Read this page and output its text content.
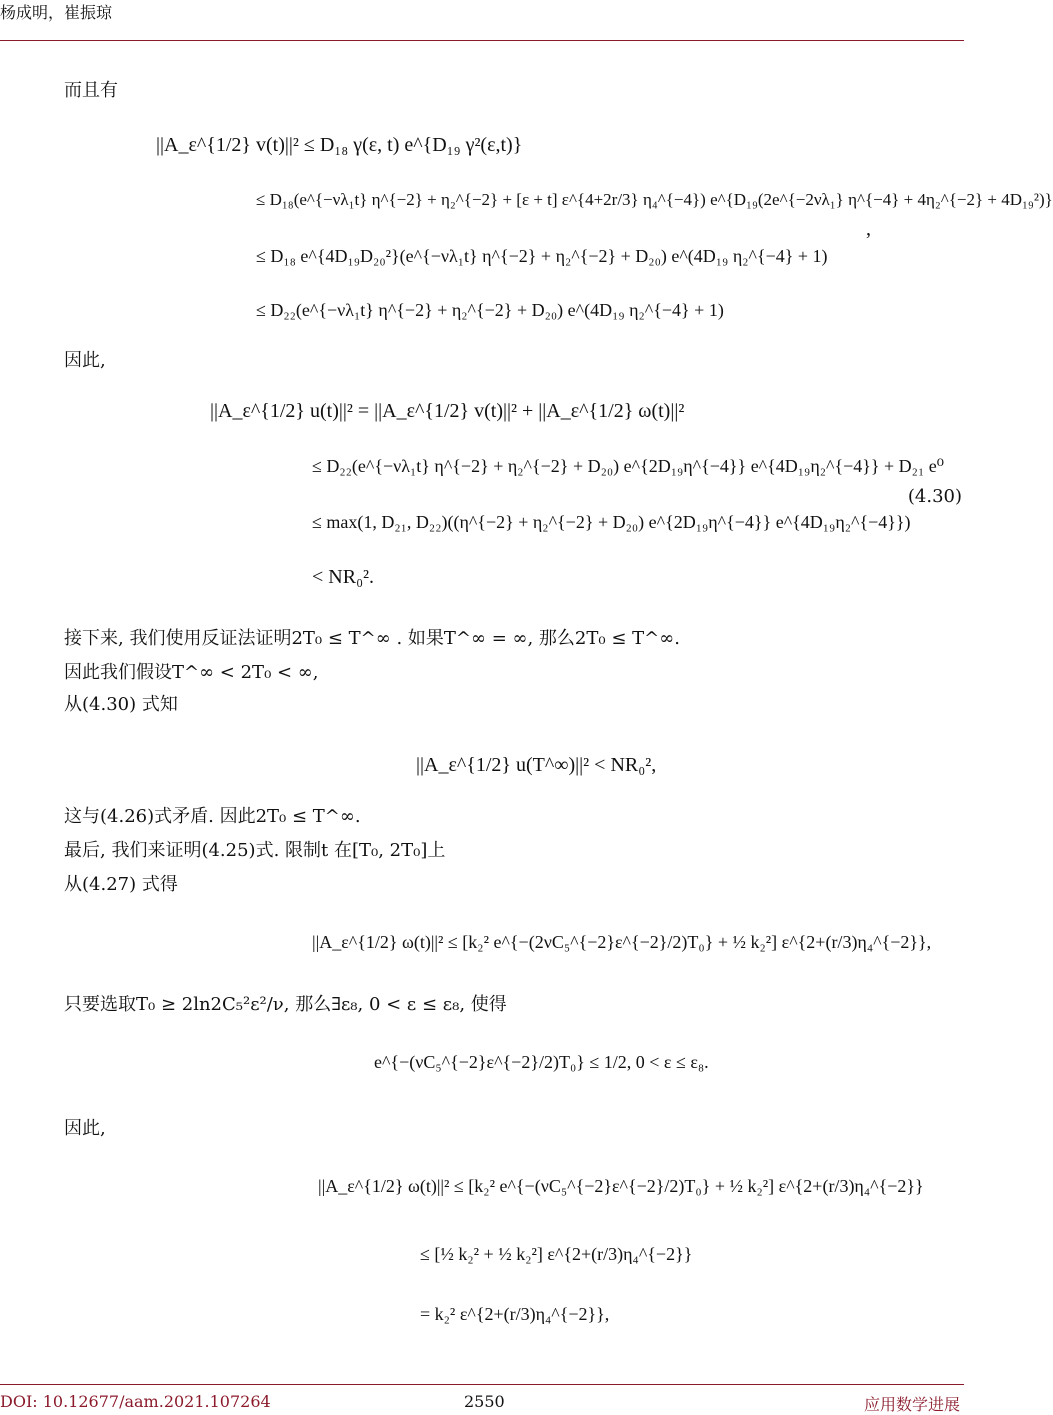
杨成明，崔振琼
而且有
||A_ε^{1/2} v(t)||² ≤ D₁₈ γ(ε, t) e^{D₁₉ γ²(ε,t)}
≤ D₁₈(e^{−νλ₁t} η^{−2} + η₂^{−2} + [ε + t] ε^{4+2r/3} η₄^{−4}) e^{D₁₉(2e^{−2νλ₁} η^{−4} + 4η₂^{−2} + 4D₁₉²)}
,
≤ D₁₈ e^{4D₁₉D₂₀²}(e^{−νλ₁t} η^{−2} + η₂^{−2} + D₂₀) e^(4D₁₉ η₂^{−4} + 1)
≤ D₂₂(e^{−νλ₁t} η^{−2} + η₂^{−2} + D₂₀) e^(4D₁₉ η₂^{−4} + 1)
因此,
||A_ε^{1/2} u(t)||² = ||A_ε^{1/2} v(t)||² + ||A_ε^{1/2} ω(t)||²
≤ D₂₂(e^{−νλ₁t} η^{−2} + η₂^{−2} + D₂₀) e^{2D₁₉η^{−4}} e^{4D₁₉η₂^{−4}} + D₂₁ e⁰
(4.30)
≤ max(1, D₂₁, D₂₂)((η^{−2} + η₂^{−2} + D₂₀) e^{2D₁₉η^{−4}} e^{4D₁₉η₂^{−4}})
< NR₀².
接下来, 我们使用反证法证明2T₀ ≤ T^∞ . 如果T^∞ = ∞, 那么2T₀ ≤ T^∞.
因此我们假设T^∞ < 2T₀ < ∞,
从(4.30) 式知
||A_ε^{1/2} u(T^∞)||² < NR₀²,
这与(4.26)式矛盾. 因此2T₀ ≤ T^∞.
最后, 我们来证明(4.25)式. 限制t 在[T₀, 2T₀]上
从(4.27) 式得
||A_ε^{1/2} ω(t)||² ≤ [k₂² e^{−(2νC₅^{−2}ε^{−2}/2)T₀} + ½ k₂²] ε^{2+(r/3)η₄^{−2}},
只要选取T₀ ≥ 2ln2C₅²ε²/ν, 那么∃ε₈, 0 < ε ≤ ε₈, 使得
e^{−(νC₅^{−2}ε^{−2}/2)T₀} ≤ 1/2, 0 < ε ≤ ε₈.
因此,
||A_ε^{1/2} ω(t)||² ≤ [k₂² e^{−(νC₅^{−2}ε^{−2}/2)T₀} + ½ k₂²] ε^{2+(r/3)η₄^{−2}}
≤ [½ k₂² + ½ k₂²] ε^{2+(r/3)η₄^{−2}}
= k₂² ε^{2+(r/3)η₄^{−2}},
DOI: 10.12677/aam.2021.107264	2550	应用数学进展
